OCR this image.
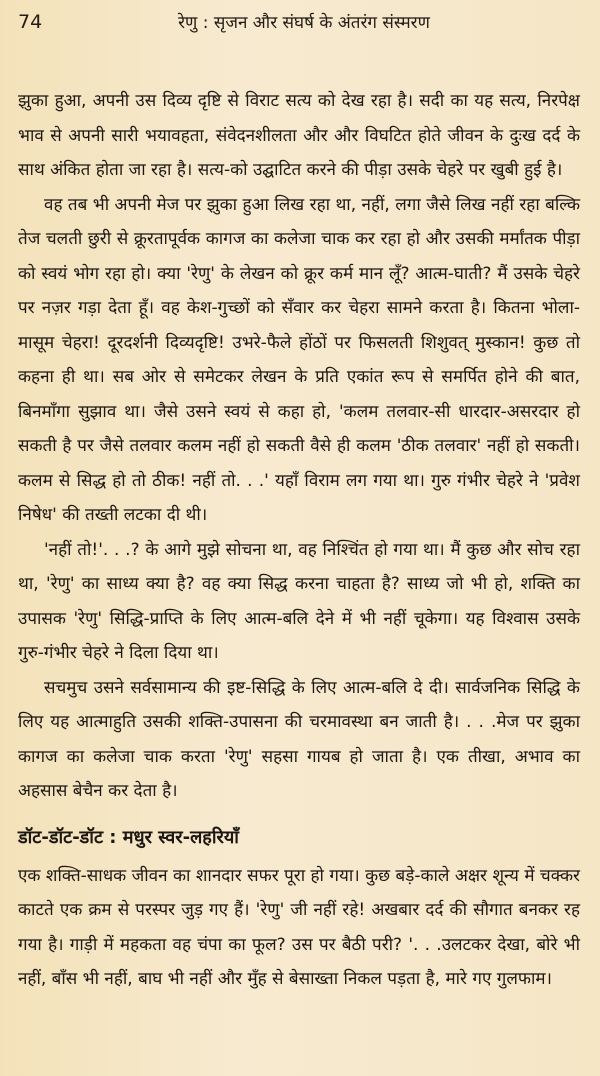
74	रेणु : सृजन और संघर्ष के अंतरंग संस्मरण

झुका हुआ, अपनी उस दिव्य दृष्टि से विराट सत्य को देख रहा है। सदी का यह सत्य, निरपेक्ष भाव से अपनी सारी भयावहता, संवेदनशीलता और और विघटित होते जीवन के दुःख दर्द के साथ अंकित होता जा रहा है। सत्य-को उद्घाटित करने की पीड़ा उसके चेहरे पर खुबी हुई है।

वह तब भी अपनी मेज पर झुका हुआ लिख रहा था, नहीं, लगा जैसे लिख नहीं रहा बल्कि तेज चलती छुरी से क्रूरतापूर्वक कागज का कलेजा चाक कर रहा हो और उसकी मर्मांतक पीड़ा को स्वयं भोग रहा हो। क्या 'रेणु' के लेखन को क्रूर कर्म मान लूँ? आत्म-घाती? मैं उसके चेहरे पर नज़र गड़ा देता हूँ। वह केश-गुच्छों को सँवार कर चेहरा सामने करता है। कितना भोला-मासूम चेहरा! दूरदर्शनी दिव्यदृष्टि! उभरे-फैले होंठों पर फिसलती शिशुवत् मुस्कान! कुछ तो कहना ही था। सब ओर से समेटकर लेखन के प्रति एकांत रूप से समर्पित होने की बात, बिनमाँगा सुझाव था। जैसे उसने स्वयं से कहा हो, 'कलम तलवार-सी धारदार-असरदार हो सकती है पर जैसे तलवार कलम नहीं हो सकती वैसे ही कलम 'ठीक तलवार' नहीं हो सकती। कलम से सिद्ध हो तो ठीक! नहीं तो. . .' यहाँ विराम लग गया था। गुरु गंभीर चेहरे ने 'प्रवेश निषेध' की तख्ती लटका दी थी।

'नहीं तो!'. . .? के आगे मुझे सोचना था, वह निश्चिंत हो गया था। मैं कुछ और सोच रहा था, 'रेणु' का साध्य क्या है? वह क्या सिद्ध करना चाहता है? साध्य जो भी हो, शक्ति का उपासक 'रेणु' सिद्धि-प्राप्ति के लिए आत्म-बलि देने में भी नहीं चूकेगा। यह विश्वास उसके गुरु-गंभीर चेहरे ने दिला दिया था।

सचमुच उसने सर्वसामान्य की इष्ट-सिद्धि के लिए आत्म-बलि दे दी। सार्वजनिक सिद्धि के लिए यह आत्माहुति उसकी शक्ति-उपासना की चरमावस्था बन जाती है। . . .मेज पर झुका कागज का कलेजा चाक करता 'रेणु' सहसा गायब हो जाता है। एक तीखा, अभाव का अहसास बेचैन कर देता है।

डॉट-डॉट-डॉट : मधुर स्वर-लहरियाँ

एक शक्ति-साधक जीवन का शानदार सफर पूरा हो गया। कुछ बड़े-काले अक्षर शून्य में चक्कर काटते एक क्रम से परस्पर जुड़ गए हैं। 'रेणु' जी नहीं रहे! अखबार दर्द की सौगात बनकर रह गया है। गाड़ी में महकता वह चंपा का फूल? उस पर बैठी परी? '. . .उलटकर देखा, बोरे भी नहीं, बाँस भी नहीं, बाघ भी नहीं और मुँह से बेसाख्ता निकल पड़ता है, मारे गए गुलफाम।
